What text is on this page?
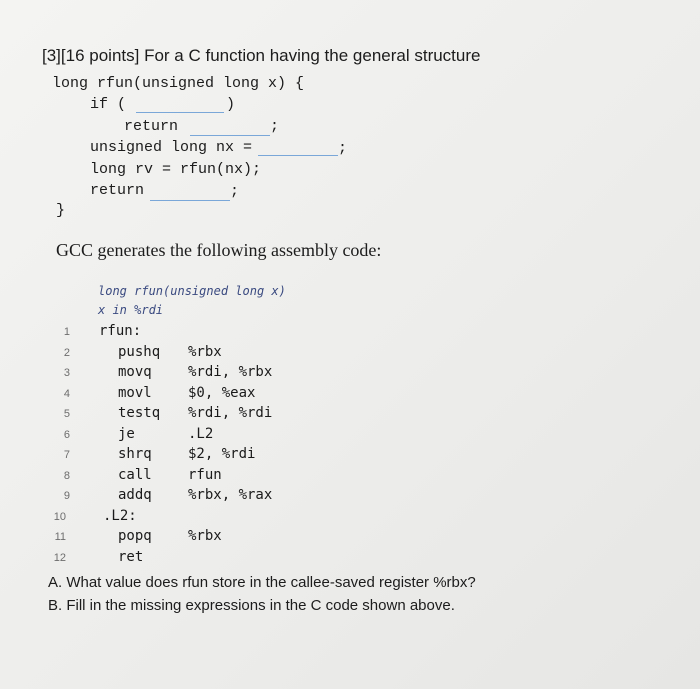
[3][16 points] For a C function having the general structure
long rfun(unsigned long x) {
if (	)
return	;
unsigned long nx =	;
long rv = rfun(nx);
return	;
}
GCC generates the following assembly code:
long rfun(unsigned long x)
x in %rdi
1 rfun:
2	pushq %rbx
3	movq	%rdi, %rbx
4	movl	$0, %eax
5	testq %rdi, %rdi
6	je	.L2
7	shrq	$2, %rdi
8	call	rfun
9	addq	%rbx, %rax
10	.L2:
11	popq	%rbx
12	ret
A. What value does rfun store in the callee-saved register %rbx?
B. Fill in the missing expressions in the C code shown above.
